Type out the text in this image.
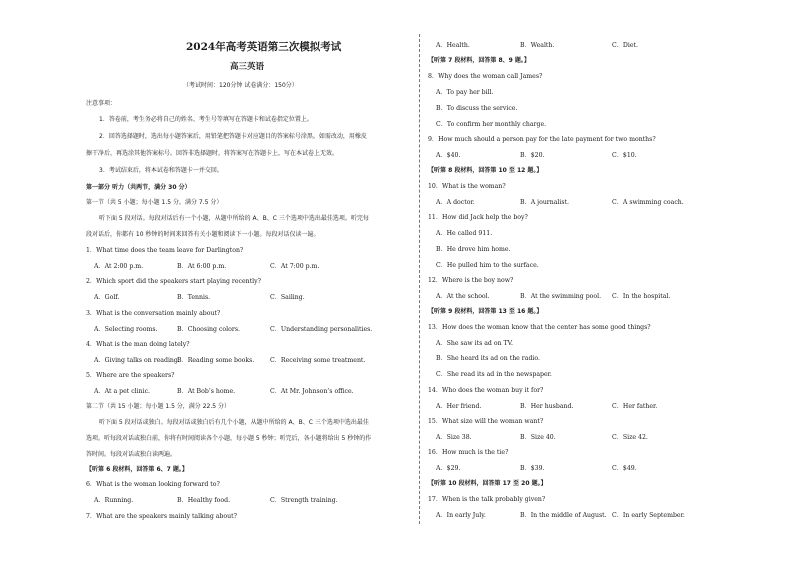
2024年高考英语第三次模拟考试
高三英语
（考试时间：120分钟 试卷满分：150分）
注意事项：
1．答卷前，考生务必将自己的姓名、考生号等填写在答题卡和试卷指定位置上。
2．回答选择题时，选出每小题答案后，用铅笔把答题卡对应题目的答案标号涂黑。如需改动，用橡皮
擦干净后，再选涂其他答案标号。回答非选择题时，将答案写在答题卡上，写在本试卷上无效。
3．考试结束后，将本试卷和答题卡一并交回。
第一部分 听力（共两节，满分 30 分）
第一节（共 5 小题；每小题 1.5 分，满分 7.5 分）
听下面 5 段对话。每段对话后有一个小题，从题中所给的 A、B、C 三个选项中选出最佳选项。听完每
段对话后，你都有 10 秒钟的时间来回答有关小题和阅读下一小题。每段对话仅读一遍。
1．What time does the team leave for Darlington?
A．At 2:00 p.m.	B．At 6:00 p.m.	C．At 7:00 p.m.
2．Which sport did the speakers start playing recently?
A．Golf.	B．Tennis.	C．Sailing.
3．What is the conversation mainly about?
A．Selecting rooms.	B．Choosing colors.	C．Understanding personalities.
4．What is the man doing lately?
A．Giving talks on reading.
B．Reading some books.	C．Receiving some treatment.
5．Where are the speakers?
A．At a pet clinic.	B．At Bob’s home.	C．At Mr. Johnson’s office.
第二节（共 15 小题；每小题 1.5 分，满分 22.5 分）
听下面 5 段对话或独白。每段对话或独白后有几个小题，从题中所给的 A、B、C 三个选项中选出最佳
选项。听每段对话或独白前，你将有时间阅读各个小题，每小题 5 秒钟；听完后，各小题将给出 5 秒钟的作
答时间。每段对话或独白读两遍。
【听第 6 段材料，回答第 6、7 题。】
6．What is the woman looking forward to?
A．Running.	B．Healthy food.	C．Strength training.
7．What are the speakers mainly talking about?
A．Health.	B．Wealth.	C．Diet.
【听第 7 段材料，回答第 8、9 题。】
8．Why does the woman call James?
A．To pay her bill.
B．To discuss the service.
C．To confirm her monthly charge.
9．How much should a person pay for the late payment for two months?
A．$40.	B．$20.	C．$10.
【听第 8 段材料，回答第 10 至 12 题。】
10．What is the woman?
A．A doctor.	B．A journalist.	C．A swimming coach.
11．How did Jack help the boy?
A．He called 911.
B．He drove him home.
C．He pulled him to the surface.
12．Where is the boy now?
A．At the school.	B．At the swimming pool. C．In the hospital.
【听第 9 段材料，回答第 13 至 16 题。】
13．How does the woman know that the center has some good things?
A．She saw its ad on TV.
B．She heard its ad on the radio.
C．She read its ad in the newspaper.
14．Who does the woman buy it for?
A．Her friend.	B．Her husband.	C．Her father.
15．What size will the woman want?
A．Size 38.	B．Size 40.	C．Size 42.
16．How much is the tie?
A．$29.	B．$39.	C．$49.
【听第 10 段材料，回答第 17 至 20 题。】
17．When is the talk probably given?
A．In early July.	B．In the middle of August. C．In early September.
